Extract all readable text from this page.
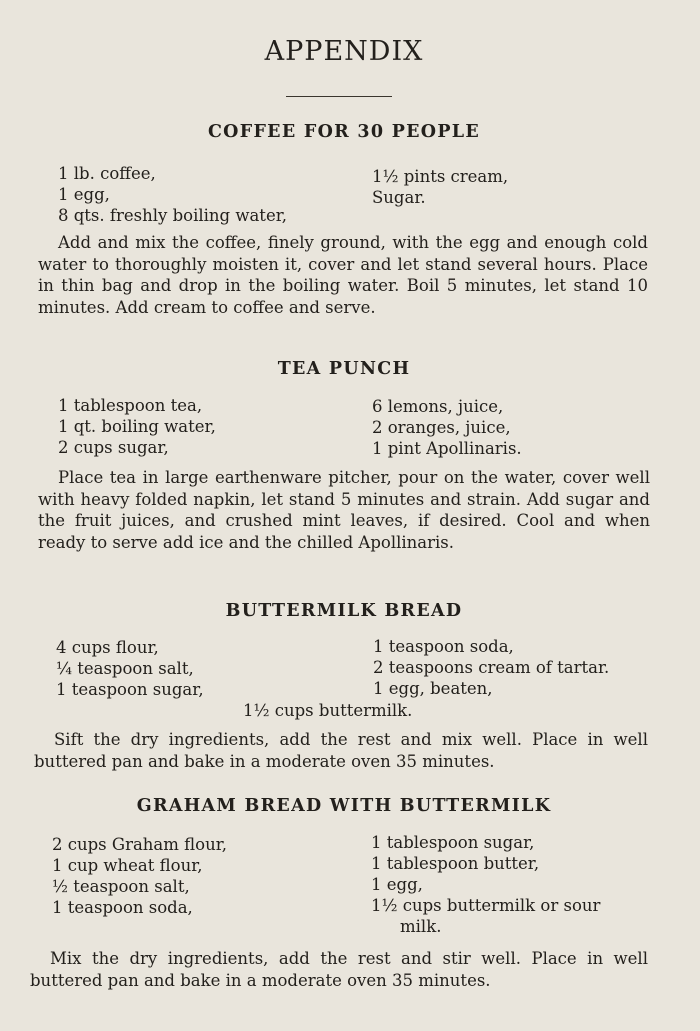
APPENDIX
COFFEE FOR 30 PEOPLE
1 lb. coffee,
1 egg,
8 qts. freshly boiling water,
1½ pints cream,
Sugar.

Add and mix the coffee, finely ground, with the egg and enough cold water to thoroughly moisten it, cover and let stand several hours. Place in thin bag and drop in the boiling water. Boil 5 minutes, let stand 10 minutes. Add cream to coffee and serve.

TEA PUNCH
1 tablespoon tea,
1 qt. boiling water,
2 cups sugar,
6 lemons, juice,
2 oranges, juice,
1 pint Apollinaris.

Place tea in large earthenware pitcher, pour on the water, cover well with heavy folded napkin, let stand 5 minutes and strain. Add sugar and the fruit juices, and crushed mint leaves, if desired. Cool and when ready to serve add ice and the chilled Apollinaris.

BUTTERMILK BREAD
4 cups flour,
¼ teaspoon salt,
1 teaspoon sugar,
1 teaspoon soda,
2 teaspoons cream of tartar.
1 egg, beaten,
1½ cups buttermilk.

Sift the dry ingredients, add the rest and mix well. Place in well buttered pan and bake in a moderate oven 35 minutes.

GRAHAM BREAD WITH BUTTERMILK
2 cups Graham flour,
1 cup wheat flour,
½ teaspoon salt,
1 teaspoon soda,
1 tablespoon sugar,
1 tablespoon butter,
1 egg,
1½ cups buttermilk or sour
milk.

Mix the dry ingredients, add the rest and stir well. Place in well buttered pan and bake in a moderate oven 35 minutes.
